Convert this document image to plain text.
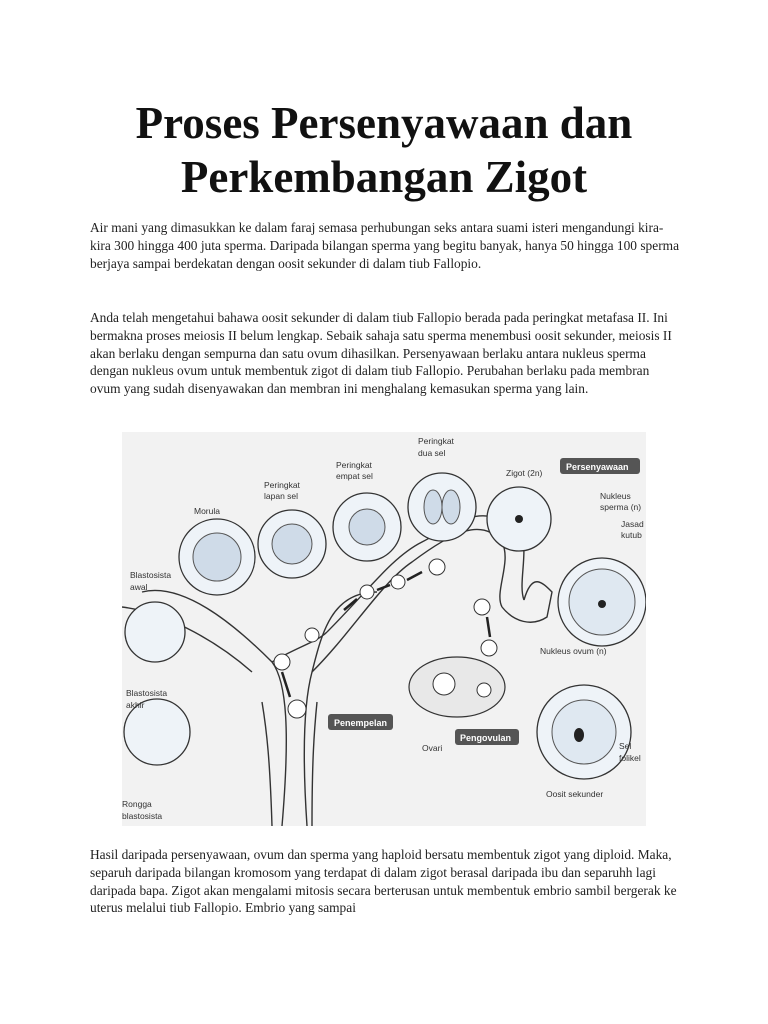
Proses Persenyawaan dan
Perkembangan Zigot

Air mani yang dimasukkan ke dalam faraj semasa perhubungan seks antara suami isteri mengandungi kira-kira 300 hingga 400 juta sperma. Daripada bilangan sperma yang begitu banyak, hanya 50 hingga 100 sperma berjaya sampai berdekatan dengan oosit sekunder di dalam tiub Fallopio.

Anda telah mengetahui bahawa oosit sekunder di dalam tiub Fallopio berada pada peringkat metafasa II. Ini bermakna proses meiosis II belum lengkap. Sebaik sahaja satu sperma menembusi oosit sekunder, meiosis II akan berlaku dengan sempurna dan satu ovum dihasilkan. Persenyawaan berlaku antara nukleus sperma dengan nukleus ovum untuk membentuk zigot di dalam tiub Fallopio. Perubahan berlaku pada membran ovum yang sudah disenyawakan dan membran ini menghalang kemasukan sperma yang lain.

Persenyawaan
Penempelan
Pengovulan
Morula
Peringkat
lapan sel
Peringkat
empat sel
Peringkat
dua sel
Zigot (2n)
Nukleus
sperma (n)
Jasad
kutub
Blastosista
awal
Nukleus ovum (n)
Blastosista
akhir
Ovari	Sel
folikel
Oosit sekunder
Rongga
blastosista

Hasil daripada persenyawaan, ovum dan sperma yang haploid bersatu membentuk zigot yang diploid. Maka, separuh daripada bilangan kromosom yang terdapat di dalam zigot berasal daripada ibu dan separuhh lagi daripada bapa. Zigot akan mengalami mitosis secara berterusan untuk membentuk embrio sambil bergerak ke uterus melalui tiub Fallopio. Embrio yang sampai
